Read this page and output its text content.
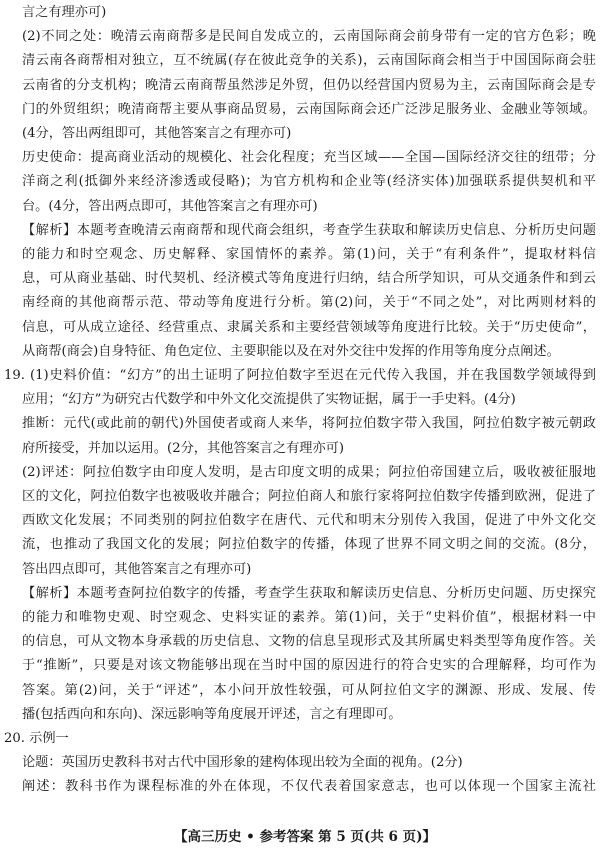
言之有理亦可)
(2)不同之处：晚清云南商帮多是民间自发成立的，云南国际商会前身带有一定的官方色彩；晚
清云南各商帮相对独立，互不统属(存在彼此竞争的关系)，云南国际商会相当于中国国际商会驻
云南省的分支机构；晚清云南商帮虽然涉足外贸，但仍以经营国内贸易为主，云南国际商会是专
门的外贸组织；晚清商帮主要从事商品贸易，云南国际商会还广泛涉足服务业、金融业等领域。
(4分，答出两组即可，其他答案言之有理亦可)
历史使命：提高商业活动的规模化、社会化程度；充当区域——全国—国际经济交往的纽带；分
洋商之利(抵御外来经济渗透或侵略)；为官方机构和企业等(经济实体)加强联系提供契机和平
台。(4分，答出两点即可，其他答案言之有理亦可)
【解析】本题考查晚清云南商帮和现代商会组织，考查学生获取和解读历史信息、分析历史问题
的能力和时空观念、历史解释、家国情怀的素养。第(1)问，关于“有利条件”，提取材料信
息，可从商业基础、时代契机、经济模式等角度进行归纳，结合所学知识，可从交通条件和到云
南经商的其他商帮示范、带动等角度进行分析。第(2)问，关于“不同之处”，对比两则材料的
信息，可从成立途径、经营重点、隶属关系和主要经营领域等角度进行比较。关于“历史使命”，
从商帮(商会)自身特征、角色定位、主要职能以及在对外交往中发挥的作用等角度分点阐述。
19. (1)史料价值：“幻方”的出土证明了阿拉伯数字至迟在元代传入我国，并在我国数学领域得到
应用；“幻方”为研究古代数学和中外文化交流提供了实物证据，属于一手史料。(4分)
推断：元代(或此前的朝代)外国使者或商人来华，将阿拉伯数字带入我国，阿拉伯数字被元朝政
府所接受，并加以运用。(2分，其他答案言之有理亦可)
(2)评述：阿拉伯数字由印度人发明，是古印度文明的成果；阿拉伯帝国建立后，吸收被征服地
区的文化，阿拉伯数字也被吸收并融合；阿拉伯商人和旅行家将阿拉伯数字传播到欧洲，促进了
西欧文化发展；不同类别的阿拉伯数字在唐代、元代和明末分别传入我国，促进了中外文化交
流，也推动了我国文化的发展；阿拉伯数字的传播，体现了世界不同文明之间的交流。(8分，
答出四点即可，其他答案言之有理亦可)
【解析】本题考查阿拉伯数字的传播，考查学生获取和解读历史信息、分析历史问题、历史探究
的能力和唯物史观、时空观念、史料实证的素养。第(1)问，关于“史料价值”，根据材料一中
的信息，可从文物本身承载的历史信息、文物的信息呈现形式及其所属史料类型等角度作答。关
于“推断”，只要是对该文物能够出现在当时中国的原因进行的符合史实的合理解释，均可作为
答案。第(2)问，关于“评述”，本小问开放性较强，可从阿拉伯文字的渊源、形成、发展、传
播(包括西向和东向)、深远影响等角度展开评述，言之有理即可。
20. 示例一
论题：英国历史教科书对古代中国形象的建构体现出较为全面的视角。(2分)
阐述：教科书作为课程标准的外在体现，不仅代表着国家意志，也可以体现一个国家主流社
【高三历史 • 参考答案 第 5 页(共 6 页)】
